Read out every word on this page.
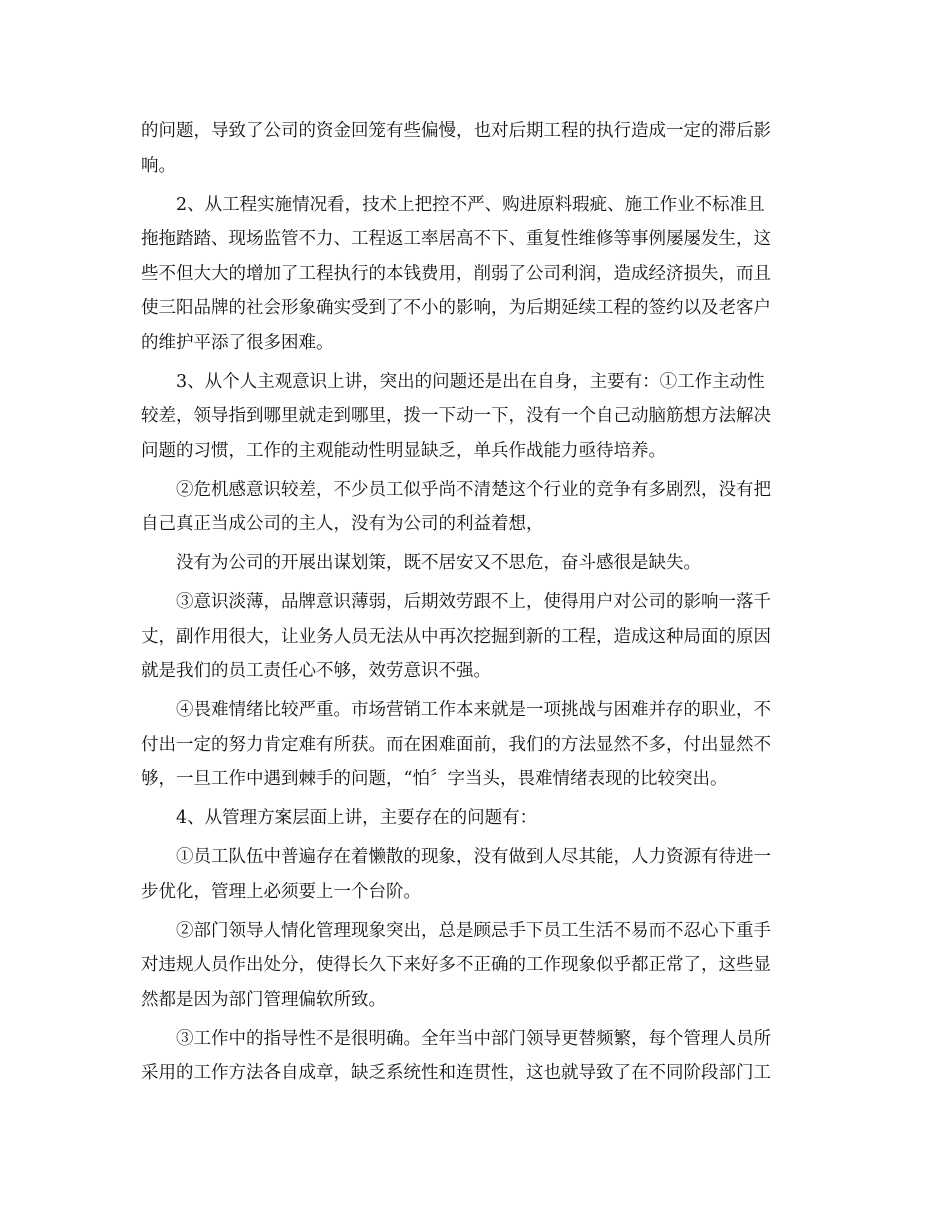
的问题，导致了公司的资金回笼有些偏慢，也对后期工程的执行造成一定的滞后影
响。
2、从工程实施情况看，技术上把控不严、购进原料瑕疵、施工作业不标准且
拖拖踏踏、现场监管不力、工程返工率居高不下、重复性维修等事例屡屡发生，这
些不但大大的增加了工程执行的本钱费用，削弱了公司利润，造成经济损失，而且
使三阳品牌的社会形象确实受到了不小的影响，为后期延续工程的签约以及老客户
的维护平添了很多困难。
3、从个人主观意识上讲，突出的问题还是出在自身，主要有：①工作主动性
较差，领导指到哪里就走到哪里，拨一下动一下，没有一个自己动脑筋想方法解决
问题的习惯，工作的主观能动性明显缺乏，单兵作战能力亟待培养。
②危机感意识较差，不少员工似乎尚不清楚这个行业的竞争有多剧烈，没有把
自己真正当成公司的主人，没有为公司的利益着想，
没有为公司的开展出谋划策，既不居安又不思危，奋斗感很是缺失。
③意识淡薄，品牌意识薄弱，后期效劳跟不上，使得用户对公司的影响一落千
丈，副作用很大，让业务人员无法从中再次挖掘到新的工程，造成这种局面的原因
就是我们的员工责任心不够，效劳意识不强。
④畏难情绪比较严重。市场营销工作本来就是一项挑战与困难并存的职业，不
付出一定的努力肯定难有所获。而在困难面前，我们的方法显然不多，付出显然不
够，一旦工作中遇到棘手的问题，“怕〞字当头，畏难情绪表现的比较突出。
4、从管理方案层面上讲，主要存在的问题有：
①员工队伍中普遍存在着懒散的现象，没有做到人尽其能，人力资源有待进一
步优化，管理上必须要上一个台阶。
②部门领导人情化管理现象突出，总是顾忌手下员工生活不易而不忍心下重手
对违规人员作出处分，使得长久下来好多不正确的工作现象似乎都正常了，这些显
然都是因为部门管理偏软所致。
③工作中的指导性不是很明确。全年当中部门领导更替频繁，每个管理人员所
采用的工作方法各自成章，缺乏系统性和连贯性，这也就导致了在不同阶段部门工
